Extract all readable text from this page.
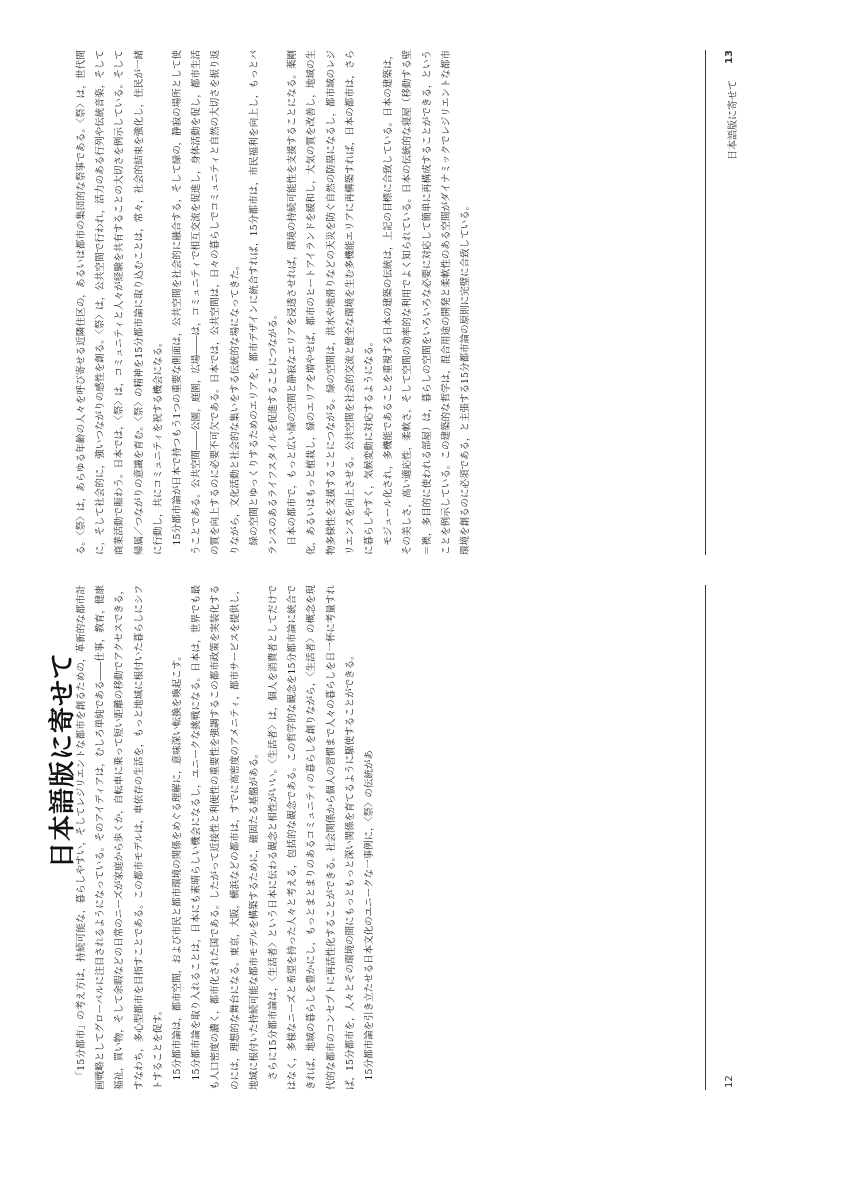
日本語版に寄せて

「15分都市」の考え方は，持続可能な，暮らしやすい，そしてレジリエントな都市を創るための，革新的な都市計画戦略としてグローバルに注目されるようになっている。そのアイディアは，むしろ単純である――仕事，教育，健康福祉，買い物，そして余暇などの日常のニーズが家庭から歩くか，自転車に乗って短い距離の移動でアクセスできる，すなわち，多心型都市を目指すことである。この都市モデルは，車依存の生活を，もっと地域に根付いた暮らしにシフトすることを促す。 15分都市論は，都市空間，および市民と都市環境の関係をめぐる理解に，意味深い転換を喚起こす。 15分都市論を取り入れることは，日本にも素晴らしい機会になるし，ユニークな挑戦になる。日本は，世界でも最も人口密度の濃く，都市化された国である。したがって近接性と利便性の重要性を強調するこの都市政策を実装化するのには，理想的な舞台になる。東京，大阪，横浜などの都市は，すでに高密度のアメニティ，都市サービスを提供し，地域に根付いた持続可能な都市モデルを構築するために，確固たる基盤がある。 さらに15分都市論は，〈生活者〉という日本に伝わる観念と相性がいい。〈生活者〉は，個人を消費者としてだけではなく，多様なニーズと希望を持った人々と考える，包括的な観念である。この哲学的な観念を15分都市論に統合できれば，地域の暮らしを豊かにし，もっとまとまりのあるコミュニティの暮らしを創りながら，〈生活者〉の概念を現代的な都市のコンセプトに再活性化することができる。社会関係から個人の習慣まで人々の暮らしを日一杯に考量すれば，15分都市を，人々とその環境の間にもっともっと深い関係を育てるように駆使することができる。 15分都市論を引き立たせる日本文化のユニークな一事例に，〈祭〉の伝統があ

る。〈祭〉は，あらゆる年齢の人々を呼び寄せる近隣住区の，あるいは都市の集団的な祭事である。〈祭〉は，世代間に，そして社会的に，強いつながりの感性を創る。〈祭〉は，公共空間で行われ，活力のある行列や伝統音楽，そして商業活動で賑わう。日本では，〈祭〉は，コミュニティと人々が経験を共有することの大切さを例示している。そして帰属／つながりの意識を育む。〈祭〉の精神を15分都市論に取り込むことは，常々，社会的結束を強化し，住民が一緒に行動し，共にコミュニティを祝する機会になる。 15分都市論が日本で持つもう1つの重要な側面は，公共空間を社会的に融合する，そして緑の，静寂の場所として使うことである。公共空間――公園，庭園，広場――は，コミュニティで相互交流を促進し，身体活動を促し，都市生活の質を向上するのに必要不可欠である。日本では，公共空間は，日々の暮らしでコミュニティと自然の大切さを振り返りながら，文化活動と社会的な集いをする伝統的な場になってきた。 緑の空間とゆっくりするためのエリアを，都市デザインに統合すれば，15分都市は，市民福利を向上し，もっとバランスのあるライフスタイルを促進することにつながる。 日本の都市で，もっと広い緑の空間と静寂なエリアを浸透させれば，環境の持続可能性を支援することになる。薬剛化，あるいはもっと植栽し，緑のエリアを増やせば，都市のヒートアイランドを緩和し，大気の質を改善し，地域の生物多様性を支援することにつながる。緑の空間は，洪水や地滑りなどの天災を防ぐ自然の防塁になるし，都市域のレジリエンスを向上させる。公共空間を社会的交流と健全な環境を生む多機能エリアに再構築すれば，日本の都市は，さらに暮らしやすく，気候変動に対応するようになる。 モジュール化され，多機能であることを重視する日本の建築の伝統は，上記の目標に合致している。日本の建築は，その美しさ，高い適応性，柔軟さ，そして空間の効率的な利用でよく知られている。日本の伝統的な寝屋（移動する壁＝襖，多目的に使われる部屋）は，暮らしの空間をいろいろな必要に対応して簡単に再構成することができる，ということを例示している。この建築的な哲学は，混合用途の開発と柔軟性のある空間がダイナミックでレジリエントな都市環境を創るのに必須である，と主張する15分都市論の原則に完璧に合致している。

12
日本語版に寄せて
13
